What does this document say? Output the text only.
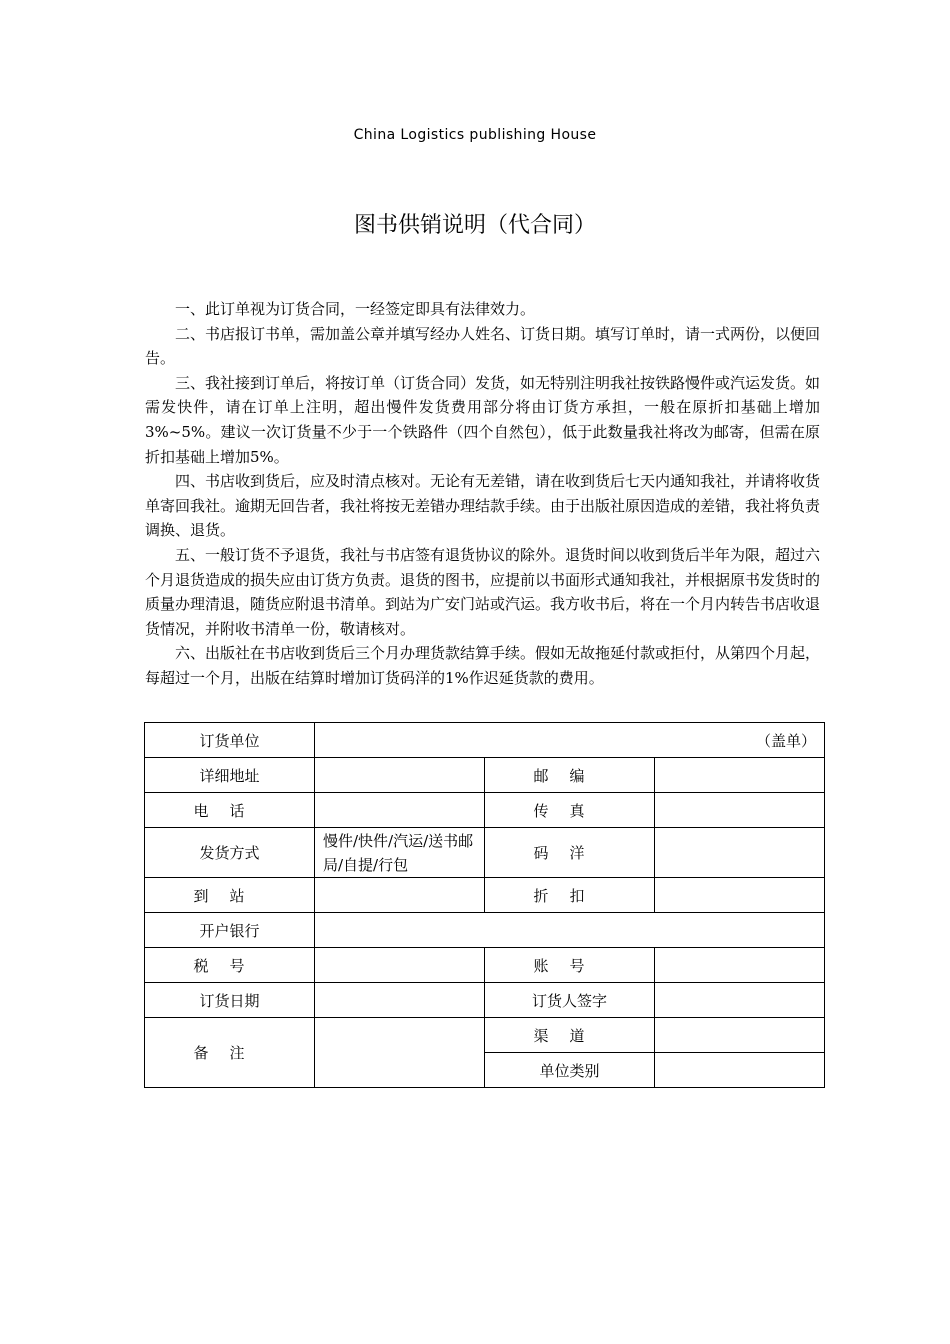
China Logistics publishing House
图书供销说明（代合同）

一、此订单视为订货合同，一经签定即具有法律效力。

二、书店报订书单，需加盖公章并填写经办人姓名、订货日期。填写订单时，请一式两份，以便回告。

三、我社接到订单后，将按订单（订货合同）发货，如无特别注明我社按铁路慢件或汽运发货。如需发快件，请在订单上注明，超出慢件发货费用部分将由订货方承担，一般在原折扣基础上增加3%~5%。建议一次订货量不少于一个铁路件（四个自然包），低于此数量我社将改为邮寄，但需在原折扣基础上增加5%。

四、书店收到货后，应及时清点核对。无论有无差错，请在收到货后七天内通知我社，并请将收货单寄回我社。逾期无回告者，我社将按无差错办理结款手续。由于出版社原因造成的差错，我社将负责调换、退货。

五、一般订货不予退货，我社与书店签有退货协议的除外。退货时间以收到货后半年为限，超过六个月退货造成的损失应由订货方负责。退货的图书，应提前以书面形式通知我社，并根据原书发货时的质量办理清退，随货应附退书清单。到站为广安门站或汽运。我方收书后，将在一个月内转告书店收退货情况，并附收书清单一份，敬请核对。

六、出版社在书店收到货后三个月办理货款结算手续。假如无故拖延付款或拒付，从第四个月起，每超过一个月，出版在结算时增加订货码洋的1%作迟延货款的费用。

订货单位	（盖单）		
详细地址		邮编	
电话		传真	
发货方式	慢件/快件/汽运/送书邮局/自提/行包	码洋	
到站		折扣	
开户银行			
税号		账号	
订货日期		订货人签字	
备注		渠道	
		单位类别	
